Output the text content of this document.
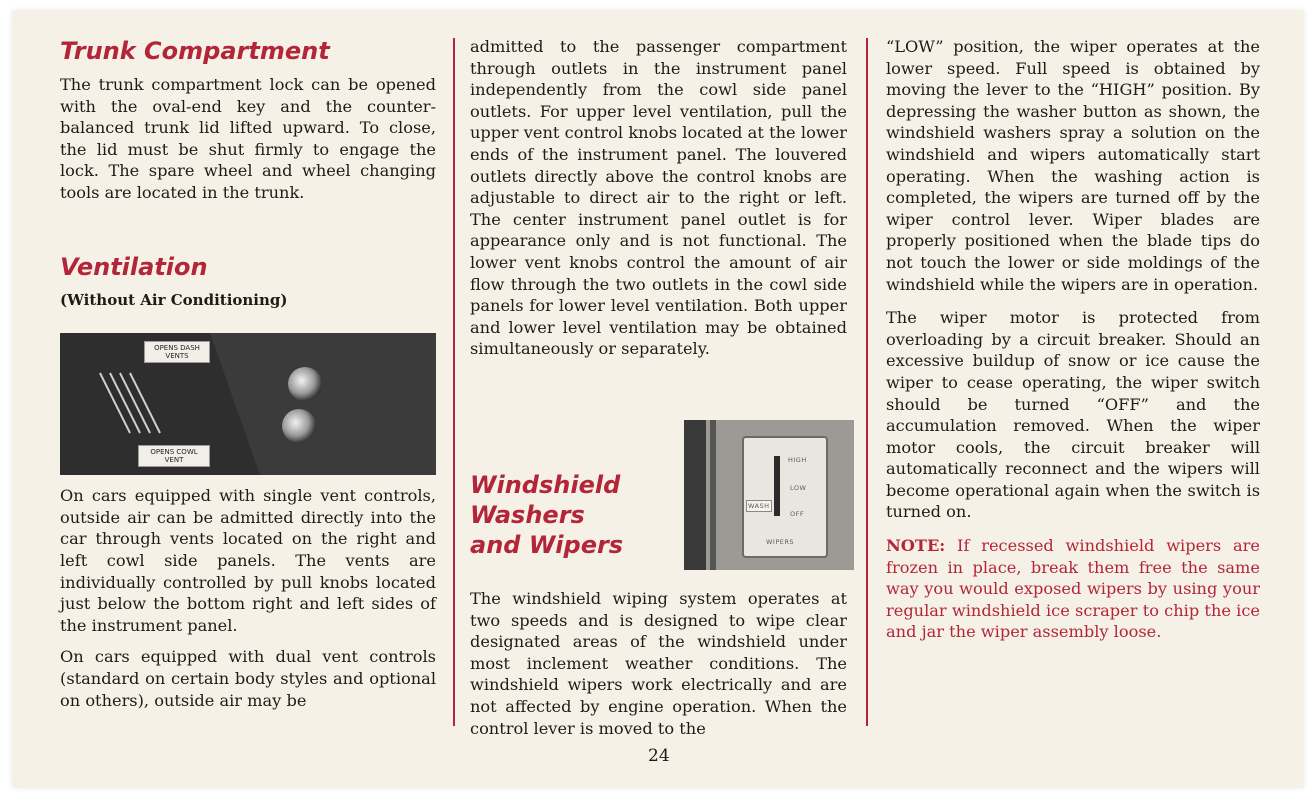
Trunk Compartment

The trunk compartment lock can be opened with the oval-end key and the counter-balanced trunk lid lifted upward. To close, the lid must be shut firmly to engage the lock. The spare wheel and wheel changing tools are located in the trunk.

Ventilation

(Without Air Conditioning)

OPENS DASH VENTS
OPENS COWL VENT

On cars equipped with single vent controls, outside air can be admitted directly into the car through vents located on the right and left cowl side panels. The vents are individually controlled by pull knobs located just below the bottom right and left sides of the instrument panel.

On cars equipped with dual vent controls (standard on certain body styles and optional on others), outside air may be

admitted to the passenger compartment through outlets in the instrument panel independently from the cowl side panel outlets. For upper level ventilation, pull the upper vent control knobs located at the lower ends of the instrument panel. The louvered outlets directly above the control knobs are adjustable to direct air to the right or left. The center instrument panel outlet is for appearance only and is not functional. The lower vent knobs control the amount of air flow through the two outlets in the cowl side panels for lower level ventilation. Both upper and lower level ventilation may be obtained simultaneously or separately.

Windshield
Washers
and Wipers
HIGH
LOW
WASH
OFF
WIPERS

The windshield wiping system operates at two speeds and is designed to wipe clear designated areas of the windshield under most inclement weather conditions. The windshield wipers work electrically and are not affected by engine operation. When the control lever is moved to the

“LOW” position, the wiper operates at the lower speed. Full speed is obtained by moving the lever to the “HIGH” position. By depressing the washer button as shown, the windshield washers spray a solution on the windshield and wipers automatically start operating. When the washing action is completed, the wipers are turned off by the wiper control lever. Wiper blades are properly positioned when the blade tips do not touch the lower or side moldings of the windshield while the wipers are in operation.

The wiper motor is protected from overloading by a circuit breaker. Should an excessive buildup of snow or ice cause the wiper to cease operating, the wiper switch should be turned “OFF” and the accumulation removed. When the wiper motor cools, the circuit breaker will automatically reconnect and the wipers will become operational again when the switch is turned on.

NOTE: If recessed windshield wipers are frozen in place, break them free the same way you would exposed wipers by using your regular windshield ice scraper to chip the ice and jar the wiper assembly loose.

24
